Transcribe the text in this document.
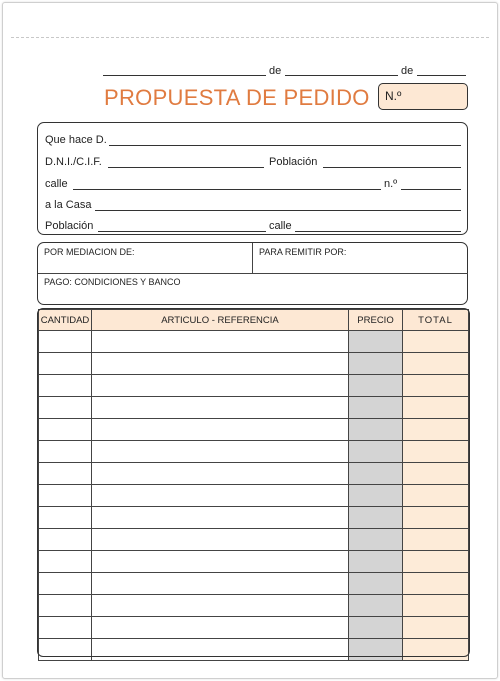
de	de
PROPUESTA DE PEDIDO N.º
Que hace D.
D.N.I./C.I.F.	Población
calle	n.º
a la Casa
Población	calle
POR MEDIACION DE:	PARA REMITIR POR:
PAGO: CONDICIONES Y BANCO
CANTIDAD	ARTICULO - REFERENCIA	PRECIO	TOTAL
